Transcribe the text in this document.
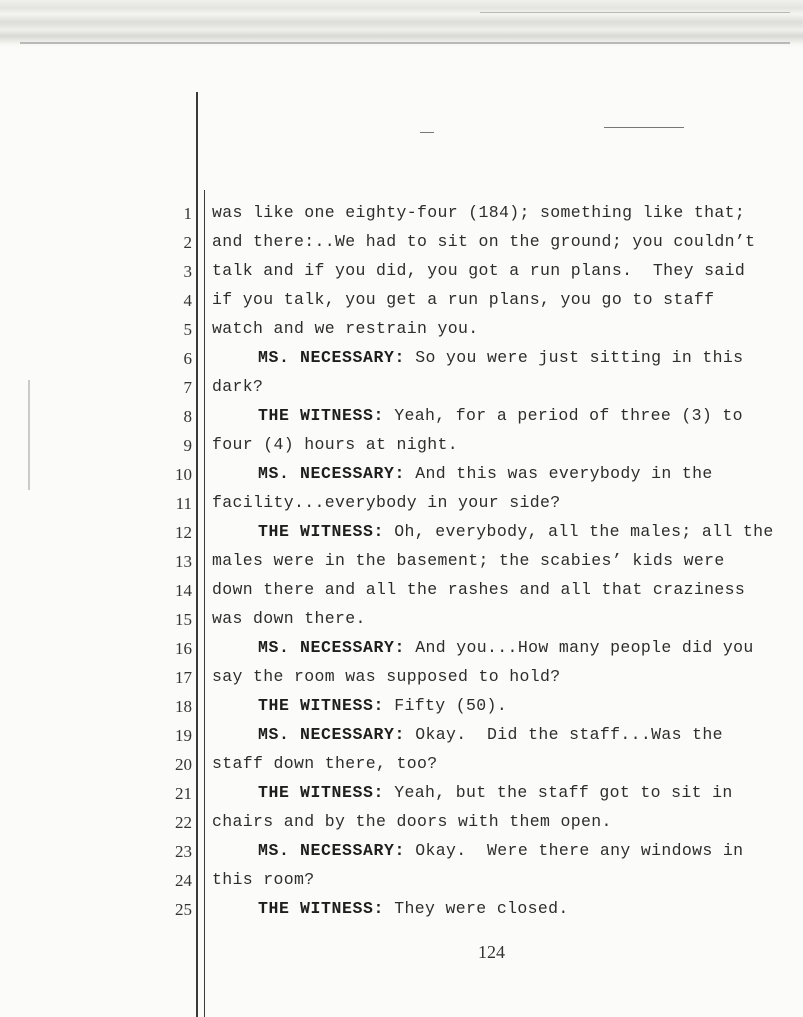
1 was like one eighty-four (184); something like that;
2 and there:..We had to sit on the ground; you couldn’t
3 talk and if you did, you got a run plans.  They said
4 if you talk, you get a run plans, you go to staff
5 watch and we restrain you.
6	MS. NECESSARY: So you were just sitting in this
7 dark?
8	THE WITNESS: Yeah, for a period of three (3) to
9 four (4) hours at night.
10	MS. NECESSARY: And this was everybody in the
11 facility...everybody in your side?
12	THE WITNESS: Oh, everybody, all the males; all the
13 males were in the basement; the scabies’ kids were
14 down there and all the rashes and all that craziness
15 was down there.
16	MS. NECESSARY: And you...How many people did you
17 say the room was supposed to hold?
18	THE WITNESS: Fifty (50).
19	MS. NECESSARY: Okay.  Did the staff...Was the
20 staff down there, too?
21	THE WITNESS: Yeah, but the staff got to sit in
22 chairs and by the doors with them open.
23	MS. NECESSARY: Okay.  Were there any windows in
24 this room?
25	THE WITNESS: They were closed.
124
